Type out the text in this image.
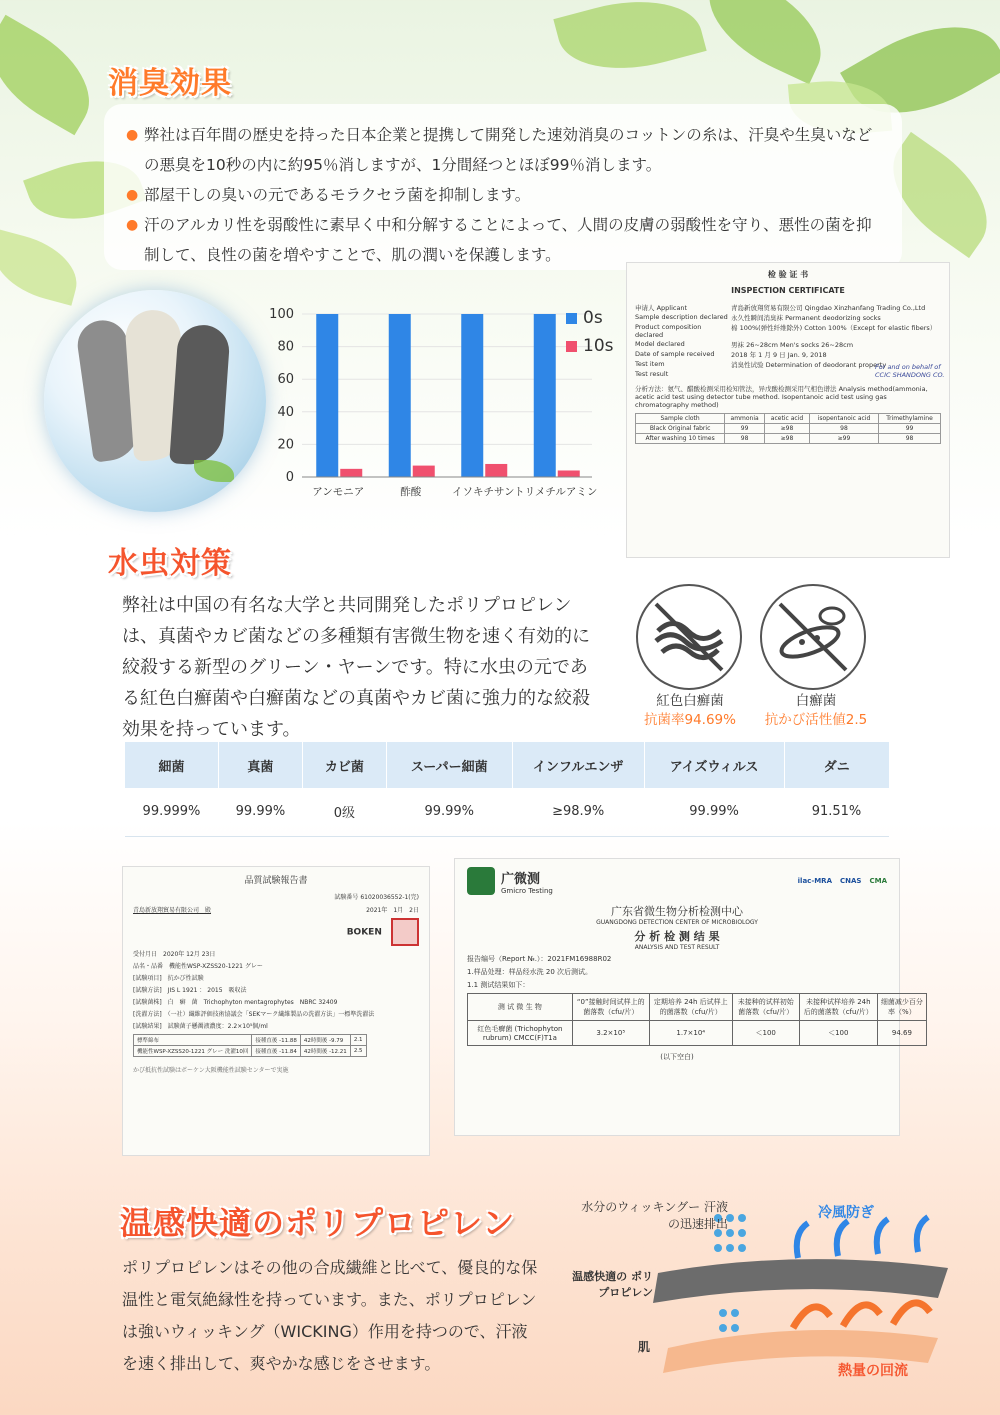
消臭効果
● 弊社は百年間の歴史を持った日本企業と提携して開発した速効消臭のコットンの糸は、汗臭や生臭いなどの悪臭を10秒の内に約95％消しますが、1分間経つとほぼ99％消します。
● 部屋干しの臭いの元であるモラクセラ菌を抑制します。
● 汗のアルカリ性を弱酸性に素早く中和分解することによって、人間の皮膚の弱酸性を守り、悪性の菌を抑制して、良性の菌を増やすことで、肌の潤いを保護します。
0
20
40
60
80
100
アンモニア	酢酸	イソキチサン トリメチルアミン
0s
10s
检 验 证 书
INSPECTION CERTIFICATE
申请人 Applicant	青島新放翔贸易有限公司 Qingdao Xinzhanfang Trading Co.,Ltd
Sample description declared 永久性瞬间消臭袜 Permanent deodorizing socks
Product composition declared
棉 100%(弹性纤维除外) Cotton 100%（Except for elastic fibers）
Model declared	男袜 26~28cm Men's socks 26~28cm
Date of sample received	2018 年 1 月 9 日 Jan. 9, 2018
Test item	消臭性试验 Determination of deodorant property
Test result
分析方法：氨气、醋酸检测采用检知管法，异戊酸检测采用气相色谱法 Analysis method(ammonia, acetic acid test using detector tube method. Isopentanoic acid test using gas chromatography method)
For and on behalf of CCIC SHANDONG CO.
Sample cloth	ammonia	acetic acid	isopentanoic acid	Trimethylamine
Black Original fabric	99	≥98	98	99
After washing 10 times	98	≥98	≥99	98
水虫対策
弊社は中国の有名な大学と共同開発したポリプロピレンは、真菌やカビ菌などの多種類有害微生物を速く有効的に絞殺する新型のグリーン・ヤーンです。特に水虫の元である紅色白癬菌や白癬菌などの真菌やカビ菌に強力的な絞殺効果を持っています。
紅色白癬菌
抗菌率94.69%
白癬菌
抗かび活性値2.5
細菌	真菌	カビ菌	スーパー細菌	インフルエンザ	アイズウィルス	ダニ
99.999%	99.99%	0级	99.99%	≥98.9%	99.99%	91.51%
品質試験報告書
試験番号 61020036552-1(完)
青島新放翔貿易有限公司　殿	2021年　1月　2日
BOKEN
受付月日　2020年 12月 23日
品名・品番　機能性WSP-XZSS20-1221 グレー
[試験項目]　抗かび性試験
[試験方法]　JIS L 1921 ： 2015　吸収法
[試験菌株]　白　癬　菌　Trichophyton mentagrophytes　NBRC 32409
[洗濯方法]　（一社）繊維評価技術協議会「SEKマーク繊維製品の洗濯方法」一標準洗濯法
[試験結果]　試験菌子懸濁液濃度：2.2×10⁵個/ml
標準綿布	接種直後 -11.88	42時間後 -9.79	2.1
機能性WSP-XZSS20-1221 グレー 洗濯10回	接種直後 -11.84	42時間後 -12.21	2.5
かび抵抗性試験はボーケン大阪機能性試験センターで実施
广微测
Gmicro Testing
ilac-MRA CNAS CMA
广东省微生物分析检测中心
GUANGDONG DETECTION CENTER OF MICROBIOLOGY
分 析 检 测 结 果
ANALYSIS AND TEST RESULT
报告编号（Report №.）：2021FM16988R02
1.样品处理：样品经水洗 20 次后测试。
1.1 测试结果如下：
测 试 微 生 物	“0”接触时间试样上的菌落数（cfu/片）	定期培养 24h 后试样上的菌落数（cfu/片）	未接种的试样初始菌落数（cfu/片）	未接种试样培养 24h 后的菌落数（cfu/片）	细菌减少百分率（%）
红色毛癣菌 (Trichophyton rubrum) CMCC(F)T1a	3.2×10⁵	1.7×10⁴	＜100	＜100	94.69
(以下空白)
温感快適のポリプロピレン
ポリプロピレンはその他の合成繊維と比べて、優良的な保温性と電気絶縁性を持っています。また、ポリプロピレンは強いウィッキング（WICKING）作用を持つので、汗液を速く排出して、爽やかな感じをさせます。
水分のウィッキングー 汗液の迅速排出
冷風防ぎ
温感快適の ポリプロピレン
肌
熱量の回流
